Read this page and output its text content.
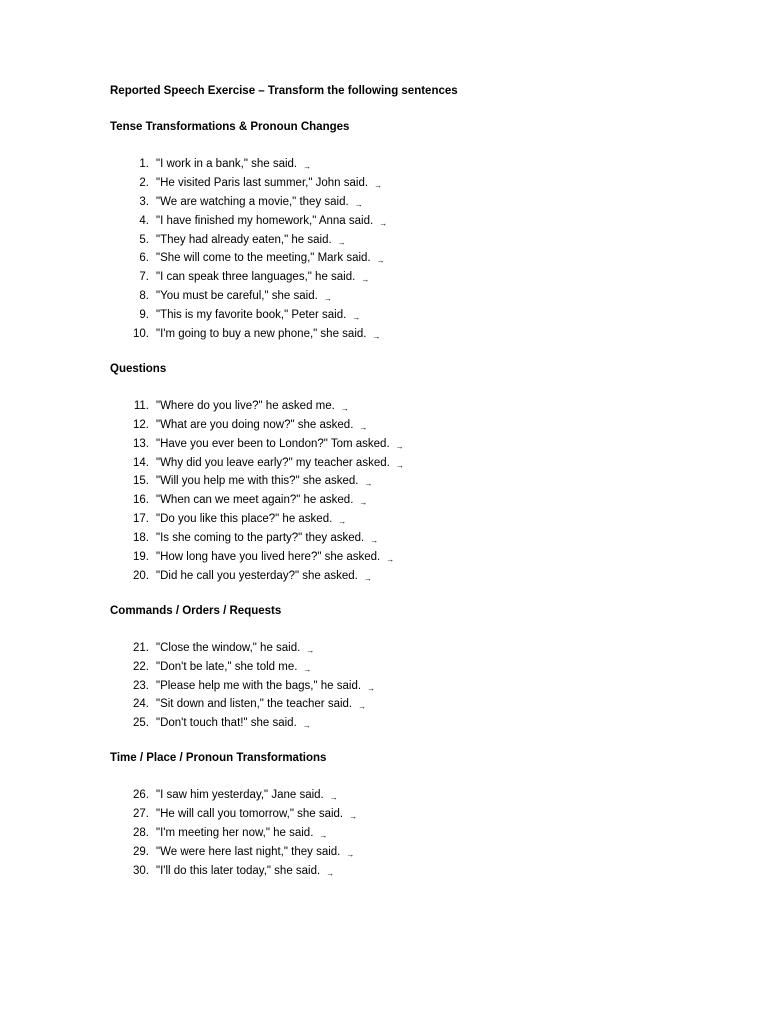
Reported Speech Exercise – Transform the following sentences

Tense Transformations & Pronoun Changes

1. "I work in a bank," she said. →
2. "He visited Paris last summer," John said. →
3. "We are watching a movie," they said. →
4. "I have finished my homework," Anna said. →
5. "They had already eaten," he said. →
6. "She will come to the meeting," Mark said. →
7. "I can speak three languages," he said. →
8. "You must be careful," she said. →
9. "This is my favorite book," Peter said. →
10. "I'm going to buy a new phone," she said. →

Questions

11. "Where do you live?" he asked me. →
12. "What are you doing now?" she asked. →
13. "Have you ever been to London?" Tom asked. →
14. "Why did you leave early?" my teacher asked. →
15. "Will you help me with this?" she asked. →
16. "When can we meet again?" he asked. →
17. "Do you like this place?" he asked. →
18. "Is she coming to the party?" they asked. →
19. "How long have you lived here?" she asked. →
20. "Did he call you yesterday?" she asked. →

Commands / Orders / Requests

21. "Close the window," he said. →
22. "Don't be late," she told me. →
23. "Please help me with the bags," he said. →
24. "Sit down and listen," the teacher said. →
25. "Don't touch that!" she said. →

Time / Place / Pronoun Transformations

26. "I saw him yesterday," Jane said. →
27. "He will call you tomorrow," she said. →
28. "I'm meeting her now," he said. →
29. "We were here last night," they said. →
30. "I'll do this later today," she said. →
